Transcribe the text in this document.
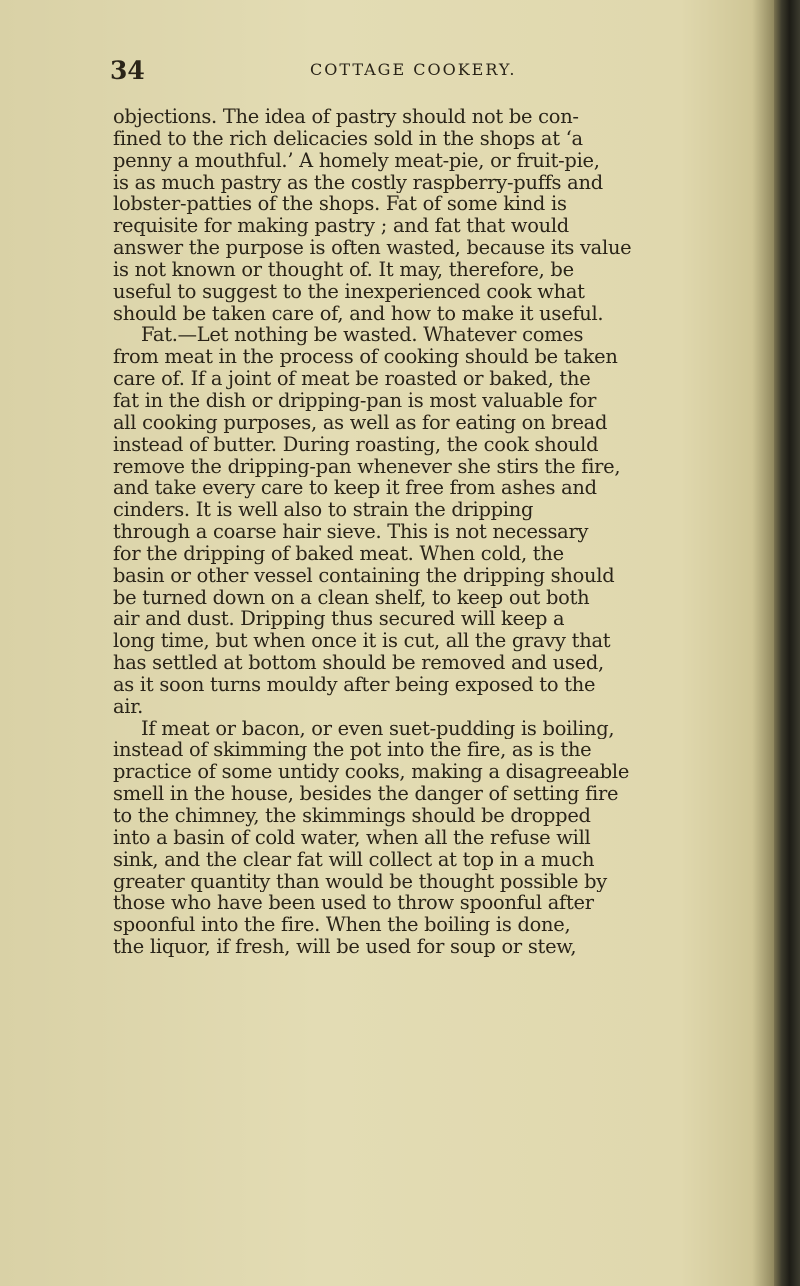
34	COTTAGE COOKERY.
objections. The idea of pastry should not be con-
fined to the rich delicacies sold in the shops at ‘a
penny a mouthful.’ A homely meat-pie, or fruit-pie,
is as much pastry as the costly raspberry-puffs and
lobster-patties of the shops. Fat of some kind is
requisite for making pastry ; and fat that would
answer the purpose is often wasted, because its value
is not known or thought of. It may, therefore, be
useful to suggest to the inexperienced cook what
should be taken care of, and how to make it useful.
Fat.—Let nothing be wasted. Whatever comes
from meat in the process of cooking should be taken
care of. If a joint of meat be roasted or baked, the
fat in the dish or dripping-pan is most valuable for
all cooking purposes, as well as for eating on bread
instead of butter. During roasting, the cook should
remove the dripping-pan whenever she stirs the fire,
and take every care to keep it free from ashes and
cinders. It is well also to strain the dripping
through a coarse hair sieve. This is not necessary
for the dripping of baked meat. When cold, the
basin or other vessel containing the dripping should
be turned down on a clean shelf, to keep out both
air and dust. Dripping thus secured will keep a
long time, but when once it is cut, all the gravy that
has settled at bottom should be removed and used,
as it soon turns mouldy after being exposed to the
air.
If meat or bacon, or even suet-pudding is boiling,
instead of skimming the pot into the fire, as is the
practice of some untidy cooks, making a disagreeable
smell in the house, besides the danger of setting fire
to the chimney, the skimmings should be dropped
into a basin of cold water, when all the refuse will
sink, and the clear fat will collect at top in a much
greater quantity than would be thought possible by
those who have been used to throw spoonful after
spoonful into the fire. When the boiling is done,
the liquor, if fresh, will be used for soup or stew,
